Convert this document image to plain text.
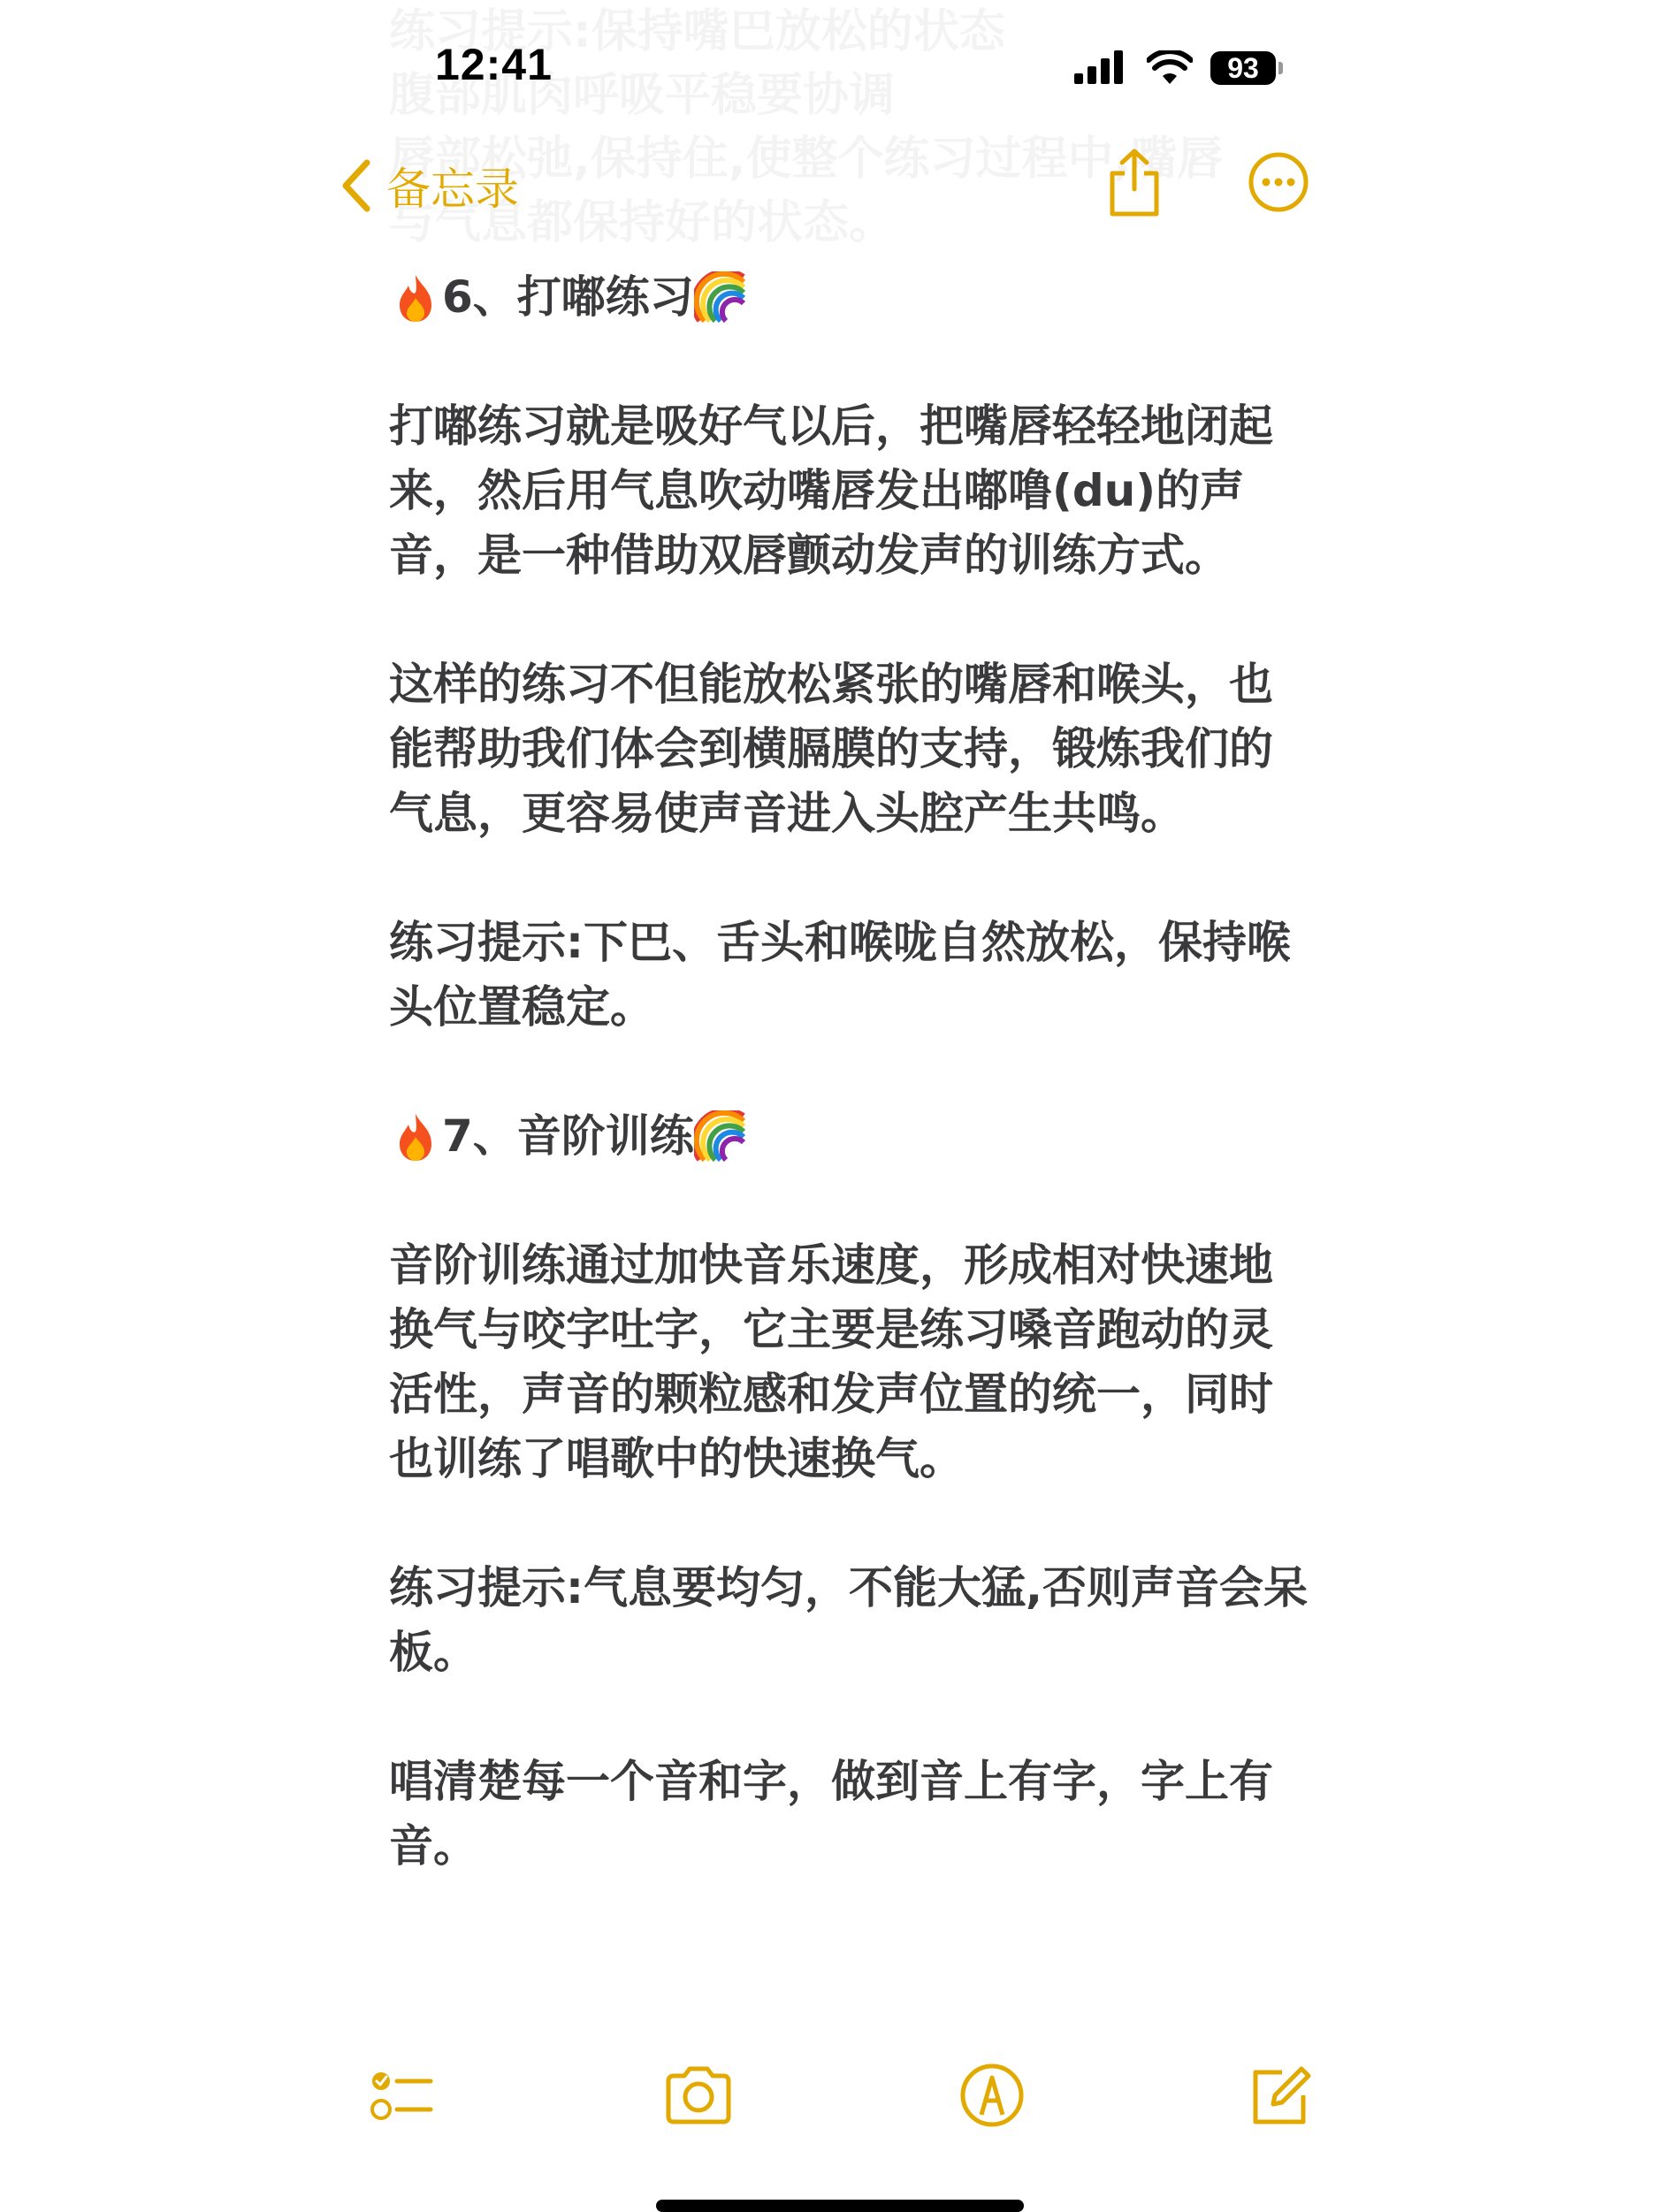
12:41	93
备忘录

6、打嘟练习

打嘟练习就是吸好气以后，把嘴唇轻轻地闭起来，然后用气息吹动嘴唇发出嘟噜(du)的声音，是一种借助双唇颤动发声的训练方式。

这样的练习不但能放松紧张的嘴唇和喉头，也能帮助我们体会到横膈膜的支持，锻炼我们的气息，更容易使声音进入头腔产生共鸣。

练习提示:下巴、舌头和喉咙自然放松，保持喉头位置稳定。

7、音阶训练

音阶训练通过加快音乐速度，形成相对快速地换气与咬字吐字，它主要是练习嗓音跑动的灵活性，声音的颗粒感和发声位置的统一，同时也训练了唱歌中的快速换气。

练习提示:气息要均匀，不能大猛,否则声音会呆板。

唱清楚每一个音和字，做到音上有字，字上有音。
